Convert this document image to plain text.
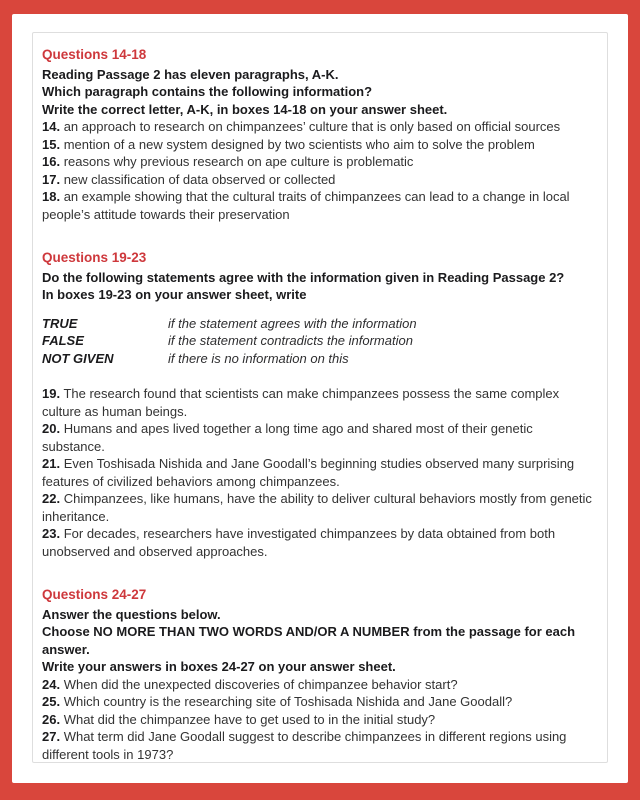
Questions 14-18

Reading Passage 2 has eleven paragraphs, A-K.

Which paragraph contains the following information?

Write the correct letter, A-K, in boxes 14-18 on your answer sheet.

14. an approach to research on chimpanzees’ culture that is only based on official sources

15. mention of a new system designed by two scientists who aim to solve the problem

16. reasons why previous research on ape culture is problematic

17. new classification of data observed or collected

18. an example showing that the cultural traits of chimpanzees can lead to a change in local people’s attitude towards their preservation

Questions 19-23

Do the following statements agree with the information given in Reading Passage 2?

In boxes 19-23 on your answer sheet, write

TRUE	if the statement agrees with the information
FALSE	if the statement contradicts the information
NOT GIVEN	if there is no information on this

19. The research found that scientists can make chimpanzees possess the same complex culture as human beings.

20. Humans and apes lived together a long time ago and shared most of their genetic substance.

21. Even Toshisada Nishida and Jane Goodall’s beginning studies observed many surprising features of civilized behaviors among chimpanzees.

22. Chimpanzees, like humans, have the ability to deliver cultural behaviors mostly from genetic inheritance.

23. For decades, researchers have investigated chimpanzees by data obtained from both unobserved and observed approaches.

Questions 24-27

Answer the questions below.

Choose NO MORE THAN TWO WORDS AND/OR A NUMBER from the passage for each answer.

Write your answers in boxes 24-27 on your answer sheet.

24. When did the unexpected discoveries of chimpanzee behavior start?

25. Which country is the researching site of Toshisada Nishida and Jane Goodall?

26. What did the chimpanzee have to get used to in the initial study?

27. What term did Jane Goodall suggest to describe chimpanzees in different regions using different tools in 1973?
